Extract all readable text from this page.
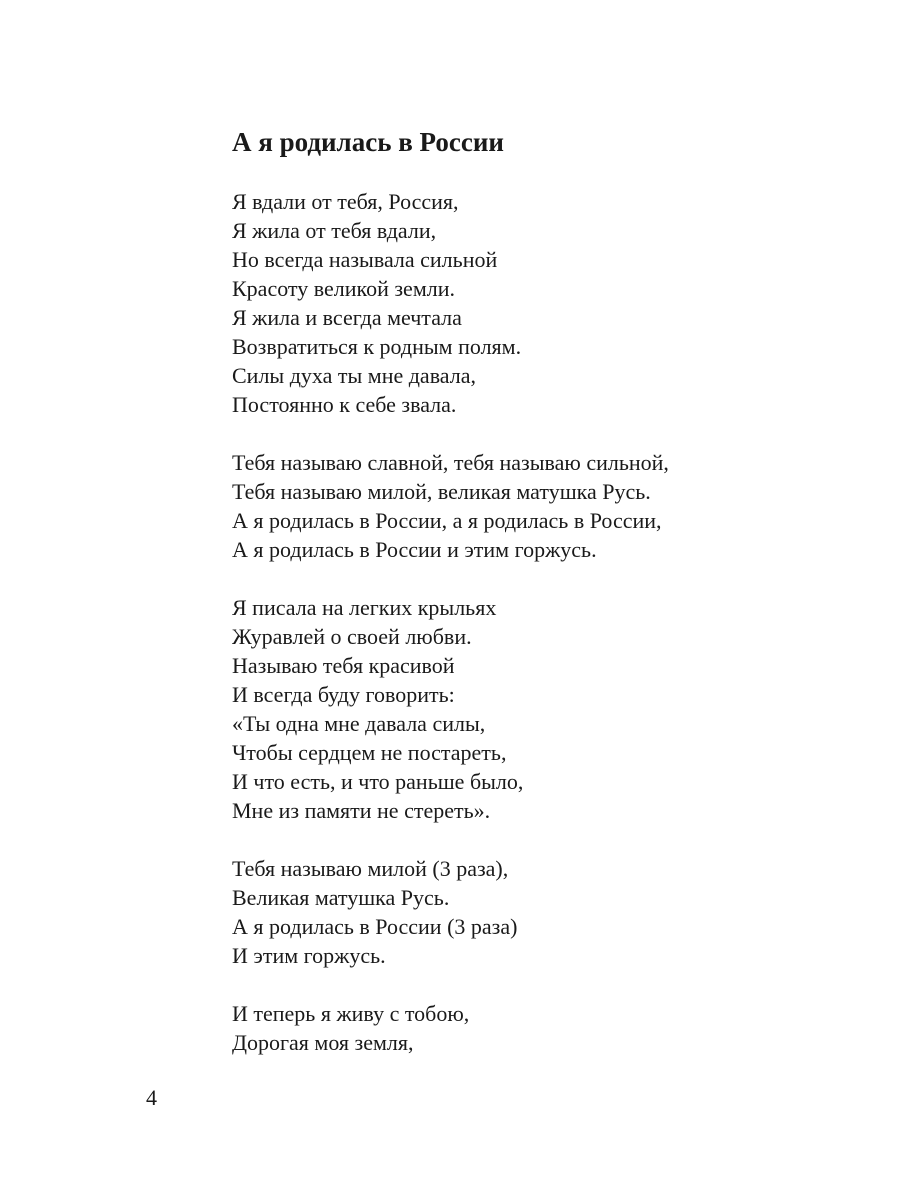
А я родилась в России
Я вдали от тебя, Россия,
Я жила от тебя вдали,
Но всегда называла сильной
Красоту великой земли.
Я жила и всегда мечтала
Возвратиться к родным полям.
Силы духа ты мне давала,
Постоянно к себе звала.
Тебя называю славной, тебя называю сильной,
Тебя называю милой, великая матушка Русь.
А я родилась в России, а я родилась в России,
А я родилась в России и этим горжусь.
Я писала на легких крыльях
Журавлей о своей любви.
Называю тебя красивой
И всегда буду говорить:
«Ты одна мне давала силы,
Чтобы сердцем не постареть,
И что есть, и что раньше было,
Мне из памяти не стереть».
Тебя называю милой (3 раза),
Великая матушка Русь.
А я родилась в России (3 раза)
И этим горжусь.
И теперь я живу с тобою,
Дорогая моя земля,
4
